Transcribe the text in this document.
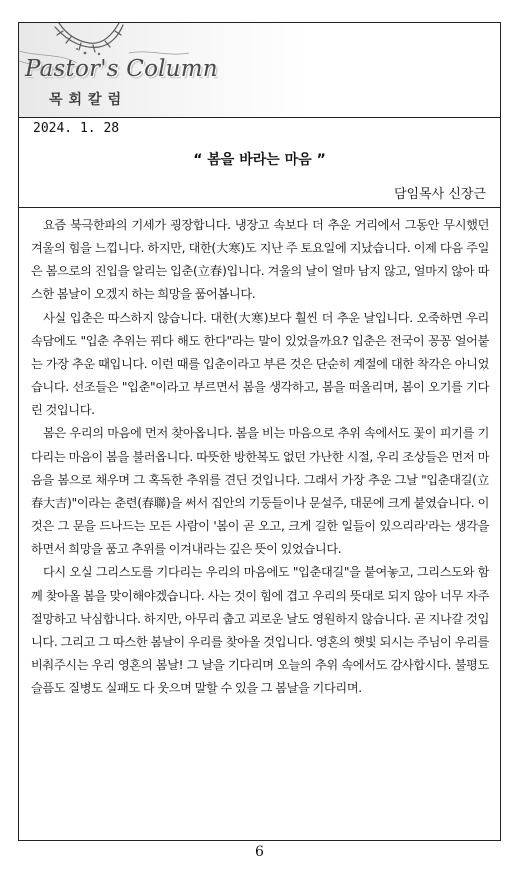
Pastor's Column
목회칼럼
2024. 1. 28
“ 봄을 바라는 마음 ”
담임목사 신장근

요즘 북극한파의 기세가 굉장합니다. 냉장고 속보다 더 추운 거리에서 그동안 무시했던 겨울의 힘을 느낍니다. 하지만, 대한(大寒)도 지난 주 토요일에 지났습니다. 이제 다음 주일은 봄으로의 진입을 알리는 입춘(立春)입니다. 겨울의 날이 얼마 남지 않고, 얼마지 않아 따스한 봄날이 오겠지 하는 희망을 품어봅니다.

사실 입춘은 따스하지 않습니다. 대한(大寒)보다 훨씬 더 추운 날입니다. 오죽하면 우리 속담에도 "입춘 추위는 꿔다 해도 한다"라는 말이 있었을까요? 입춘은 전국이 꽁꽁 얼어붙는 가장 추운 때입니다. 이런 때를 입춘이라고 부른 것은 단순히 계절에 대한 착각은 아니었습니다. 선조들은 "입춘"이라고 부르면서 봄을 생각하고, 봄을 떠올리며, 봄이 오기를 기다린 것입니다.

봄은 우리의 마음에 먼저 찾아옵니다. 봄을 비는 마음으로 추위 속에서도 꽃이 피기를 기다리는 마음이 봄을 불러옵니다. 따뜻한 방한복도 없던 가난한 시절, 우리 조상들은 먼저 마음을 봄으로 채우며 그 혹독한 추위를 견딘 것입니다. 그래서 가장 추운 그날 "입춘대길(立春大吉)"이라는 춘련(春聯)을 써서 집안의 기둥들이나 문설주, 대문에 크게 붙였습니다. 이것은 그 문을 드나드는 모든 사람이 '봄이 곧 오고, 크게 길한 일들이 있으리라'라는 생각을 하면서 희망을 품고 추위를 이겨내라는 깊은 뜻이 있었습니다.

다시 오실 그리스도를 기다리는 우리의 마음에도 "입춘대길"을 붙여놓고, 그리스도와 함께 찾아올 봄을 맞이해야겠습니다. 사는 것이 힘에 겹고 우리의 뜻대로 되지 않아 너무 자주 절망하고 낙심합니다. 하지만, 아무리 춥고 괴로운 날도 영원하지 않습니다. 곧 지나갈 것입니다. 그리고 그 따스한 봄날이 우리를 찾아올 것입니다. 영혼의 햇빛 되시는 주님이 우리를 비춰주시는 우리 영혼의 봄날! 그 날을 기다리며 오늘의 추위 속에서도 감사합시다. 불평도 슬픔도 질병도 실패도 다 웃으며 말할 수 있을 그 봄날을 기다리며.

6
